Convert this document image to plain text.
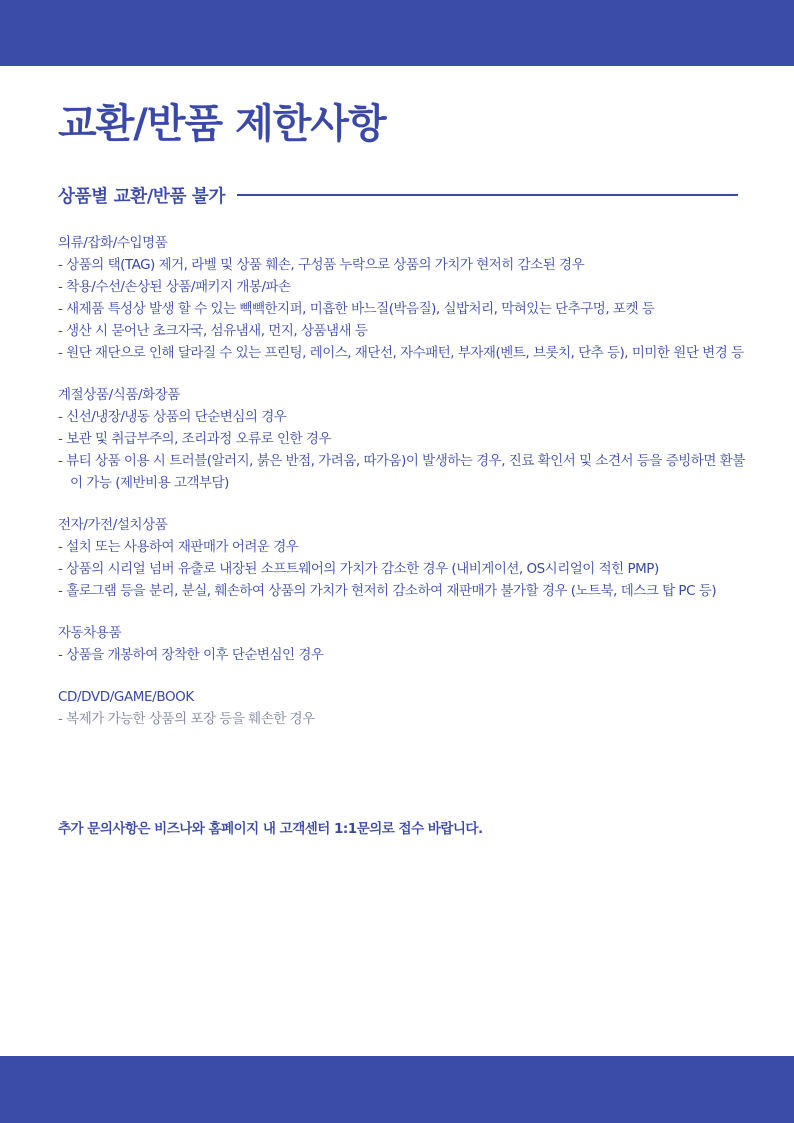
교환/반품 제한사항
상품별 교환/반품 불가
의류/잡화/수입명품
- 상품의 택(TAG) 제거, 라벨 및 상품 훼손, 구성품 누락으로 상품의 가치가 현저히 감소된 경우
- 착용/수선/손상된 상품/패키지 개봉/파손
- 새제품 특성상 발생 할 수 있는 빽빽한지퍼, 미흡한 바느질(박음질), 실밥처리, 막혀있는 단추구멍, 포켓 등
- 생산 시 묻어난 초크자국, 섬유냄새, 먼지, 상품냄새 등
- 원단 재단으로 인해 달라질 수 있는 프린팅, 레이스, 재단선, 자수패턴, 부자재(벤트, 브롯치, 단추 등), 미미한 원단 변경 등
계절상품/식품/화장품
- 신선/냉장/냉동 상품의 단순변심의 경우
- 보관 및 취급부주의, 조리과정 오류로 인한 경우
- 뷰티 상품 이용 시 트러블(알러지, 붉은 반점, 가려움, 따가움)이 발생하는 경우, 진료 확인서 및 소견서 등을 증빙하면 환불이 가능 (제반비용 고객부담)
전자/가전/설치상품
- 설치 또는 사용하여 재판매가 어려운 경우
- 상품의 시리얼 넘버 유출로 내장된 소프트웨어의 가치가 감소한 경우 (내비게이션, OS시리얼이 적힌 PMP)
- 홀로그램 등을 분리, 분실, 훼손하여 상품의 가치가 현저히 감소하여 재판매가 불가할 경우 (노트북, 데스크 탑 PC 등)
자동차용품
- 상품을 개봉하여 장착한 이후 단순변심인 경우
CD/DVD/GAME/BOOK
- 복제가 가능한 상품의 포장 등을 훼손한 경우
추가 문의사항은 비즈나와 홈페이지 내 고객센터 1:1문의로 접수 바랍니다.
